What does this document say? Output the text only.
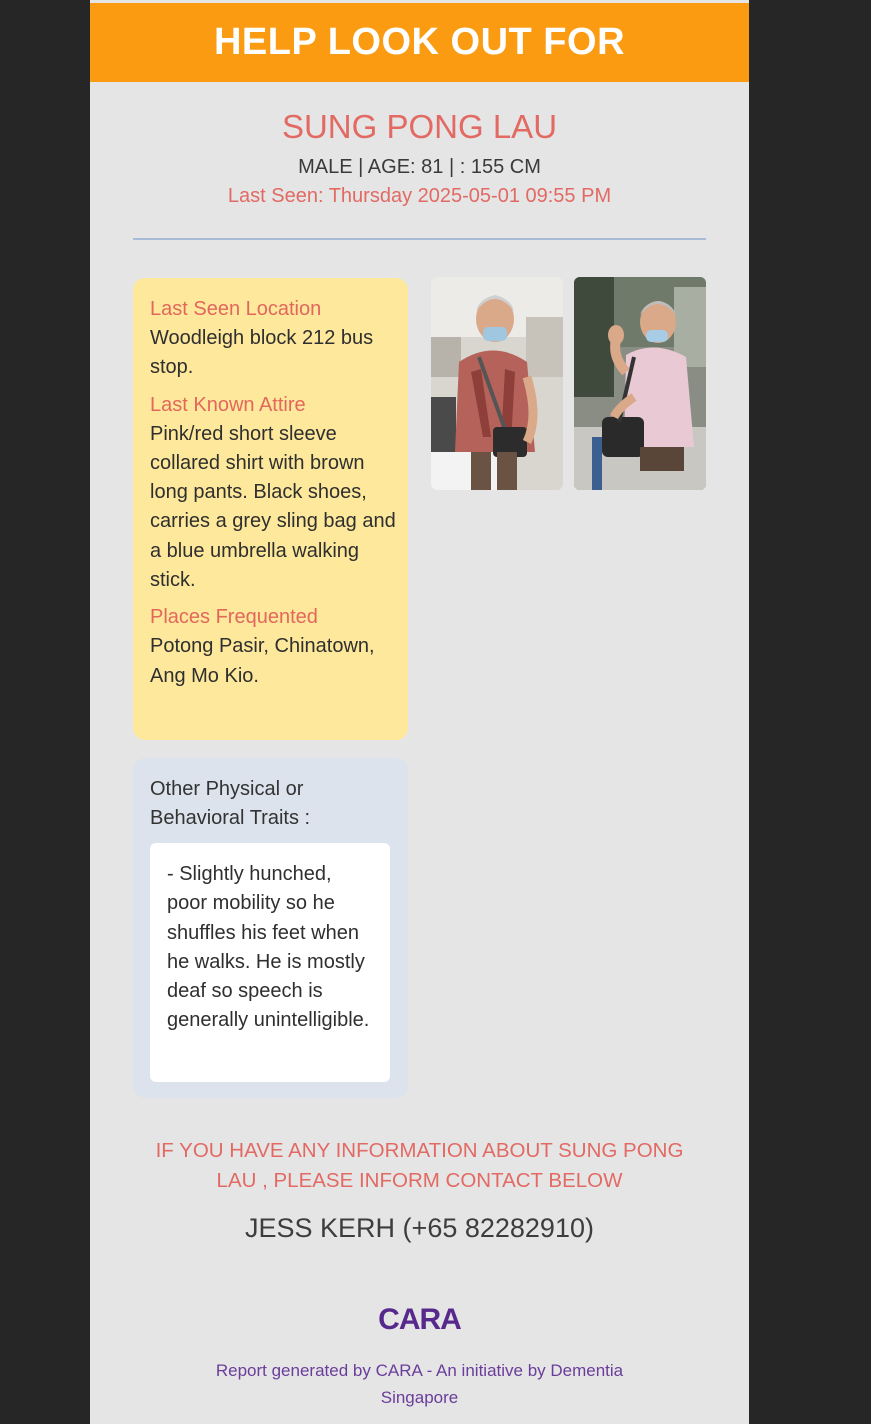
HELP LOOK OUT FOR
SUNG PONG LAU
MALE | AGE: 81 | : 155 CM
Last Seen: Thursday 2025-05-01 09:55 PM
Last Seen Location
Woodleigh block 212 bus stop.
Last Known Attire
Pink/red short sleeve collared shirt with brown long pants. Black shoes, carries a grey sling bag and a blue umbrella walking stick.
Places Frequented
Potong Pasir, Chinatown, Ang Mo Kio.
Other Physical or Behavioral Traits :
- Slightly hunched, poor mobility so he shuffles his feet when he walks. He is mostly deaf so speech is generally unintelligible.
IF YOU HAVE ANY INFORMATION ABOUT SUNG PONG LAU , PLEASE INFORM CONTACT BELOW
JESS KERH (+65 82282910)
CARA
Report generated by CARA - An initiative by Dementia Singapore
